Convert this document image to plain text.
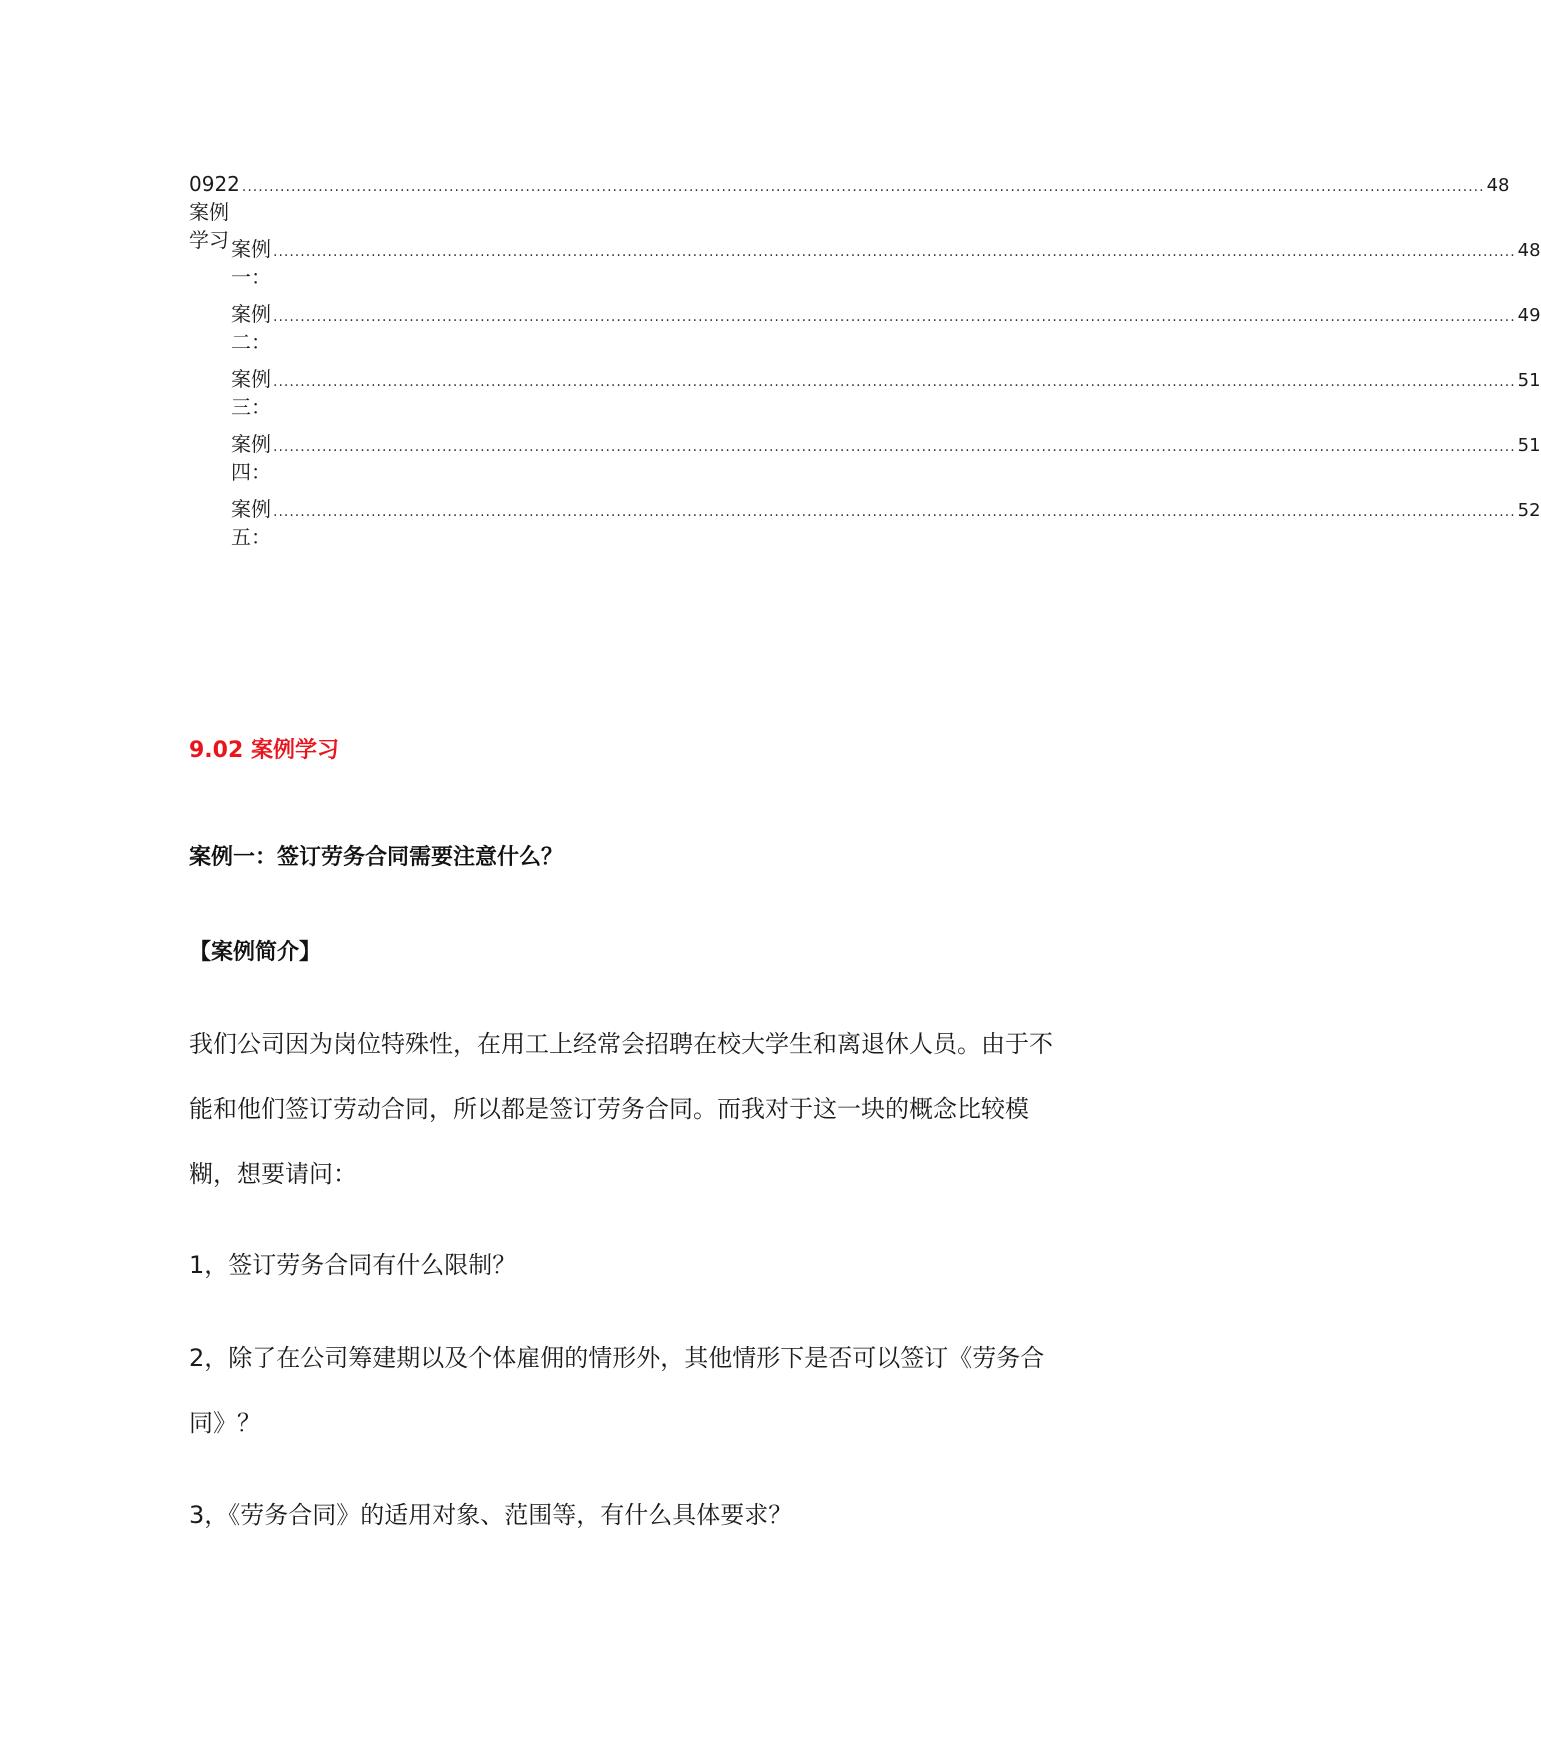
0922 案例学习
.................................................................................................................................................................................................................................... 48
案例一：
.................................................................................................................................................................................................................................... 48
案例二：
.................................................................................................................................................................................................................................... 49
案例三：
.................................................................................................................................................................................................................................... 51
案例四：
.................................................................................................................................................................................................................................... 51
案例五：
.................................................................................................................................................................................................................................... 52
9.02 案例学习
案例一：签订劳务合同需要注意什么？
【案例简介】

我们公司因为岗位特殊性，在用工上经常会招聘在校大学生和离退休人员。由于不能和他们签订劳动合同，所以都是签订劳务合同。而我对于这一块的概念比较模糊，想要请问：

1，签订劳务合同有什么限制？

2，除了在公司筹建期以及个体雇佣的情形外，其他情形下是否可以签订《劳务合同》？

3，《劳务合同》的适用对象、范围等，有什么具体要求？
